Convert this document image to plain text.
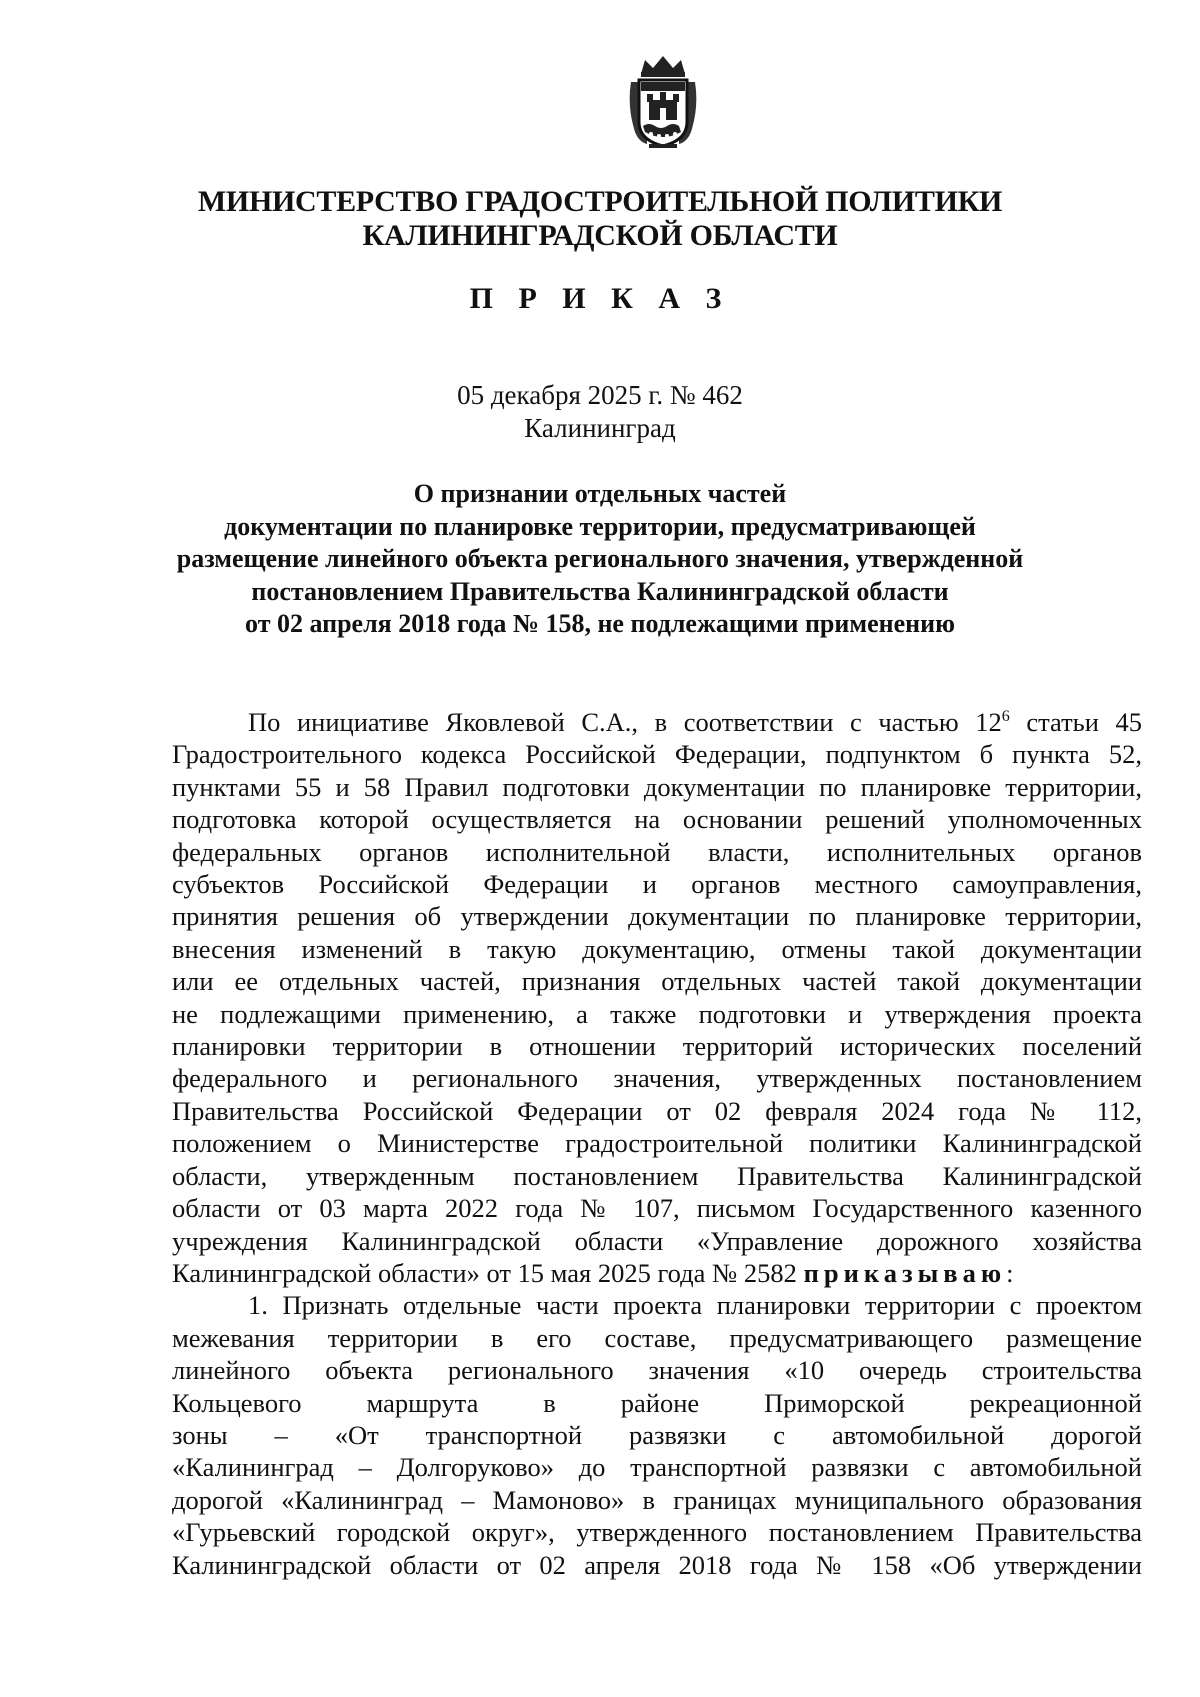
МИНИСТЕРСТВО ГРАДОСТРОИТЕЛЬНОЙ ПОЛИТИКИ
КАЛИНИНГРАДСКОЙ ОБЛАСТИ
П Р И К А З
05 декабря 2025 г. № 462
Калининград
О признании отдельных частей
документации по планировке территории, предусматривающей
размещение линейного объекта регионального значения, утвержденной
постановлением Правительства Калининградской области
от 02 апреля 2018 года № 158, не подлежащими применению
По инициативе Яковлевой С.А., в соответствии с частью $12^6$ статьи 45
Градостроительного кодекса Российской Федерации, подпунктом б пункта 52,
пунктами 55 и 58 Правил подготовки документации по планировке территории,
подготовка которой осуществляется на основании решений уполномоченных
федеральных органов исполнительной власти, исполнительных органов
субъектов Российской Федерации и органов местного самоуправления,
принятия решения об утверждении документации по планировке территории,
внесения изменений в такую документацию, отмены такой документации
или ее отдельных частей, признания отдельных частей такой документации
не подлежащими применению, а также подготовки и утверждения проекта
планировки территории в отношении территорий исторических поселений
федерального и регионального значения, утвержденных постановлением
Правительства Российской Федерации от 02 февраля 2024 года № 112,
положением о Министерстве градостроительной политики Калининградской
области, утвержденным постановлением Правительства Калининградской
области от 03 марта 2022 года № 107, письмом Государственного казенного
учреждения Калининградской области «Управление дорожного хозяйства
Калининградской области» от 15 мая 2025 года № 2582 приказываю:
1. Признать отдельные части проекта планировки территории с проектом
межевания территории в его составе, предусматривающего размещение
линейного объекта регионального значения «10 очередь строительства
Кольцевого маршрута в районе Приморской рекреационной
зоны – «От транспортной развязки с автомобильной дорогой
«Калининград – Долгоруково» до транспортной развязки с автомобильной
дорогой «Калининград – Мамоново» в границах муниципального образования
«Гурьевский городской округ», утвержденного постановлением Правительства
Калининградской области от 02 апреля 2018 года № 158 «Об утверждении
